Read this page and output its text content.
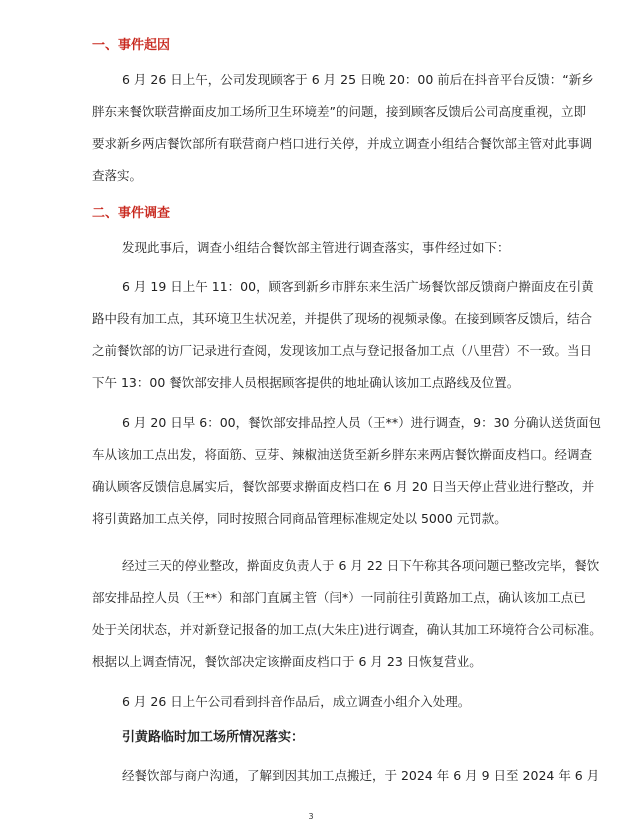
一、事件起因
6 月 26 日上午，公司发现顾客于 6 月 25 日晚 20：00 前后在抖音平台反馈：“新乡
胖东来餐饮联营擀面皮加工场所卫生环境差”的问题，接到顾客反馈后公司高度重视，立即
要求新乡两店餐饮部所有联营商户档口进行关停，并成立调查小组结合餐饮部主管对此事调
查落实。
二、事件调查
发现此事后，调查小组结合餐饮部主管进行调查落实，事件经过如下：
6 月 19 日上午 11：00，顾客到新乡市胖东来生活广场餐饮部反馈商户擀面皮在引黄
路中段有加工点，其环境卫生状况差，并提供了现场的视频录像。在接到顾客反馈后，结合
之前餐饮部的访厂记录进行查阅，发现该加工点与登记报备加工点（八里营）不一致。当日
下午 13：00 餐饮部安排人员根据顾客提供的地址确认该加工点路线及位置。
6 月 20 日早 6：00，餐饮部安排品控人员（王**）进行调查，9：30 分确认送货面包
车从该加工点出发，将面筋、豆芽、辣椒油送货至新乡胖东来两店餐饮擀面皮档口。经调查
确认顾客反馈信息属实后，餐饮部要求擀面皮档口在 6 月 20 日当天停止营业进行整改，并
将引黄路加工点关停，同时按照合同商品管理标准规定处以 5000 元罚款。
经过三天的停业整改，擀面皮负责人于 6 月 22 日下午称其各项问题已整改完毕，餐饮
部安排品控人员（王**）和部门直属主管（闫*）一同前往引黄路加工点，确认该加工点已
处于关闭状态，并对新登记报备的加工点(大朱庄)进行调查，确认其加工环境符合公司标准。
根据以上调查情况，餐饮部决定该擀面皮档口于 6 月 23 日恢复营业。
6 月 26 日上午公司看到抖音作品后，成立调查小组介入处理。
引黄路临时加工场所情况落实：
经餐饮部与商户沟通，了解到因其加工点搬迁，于 2024 年 6 月 9 日至 2024 年 6 月
3
